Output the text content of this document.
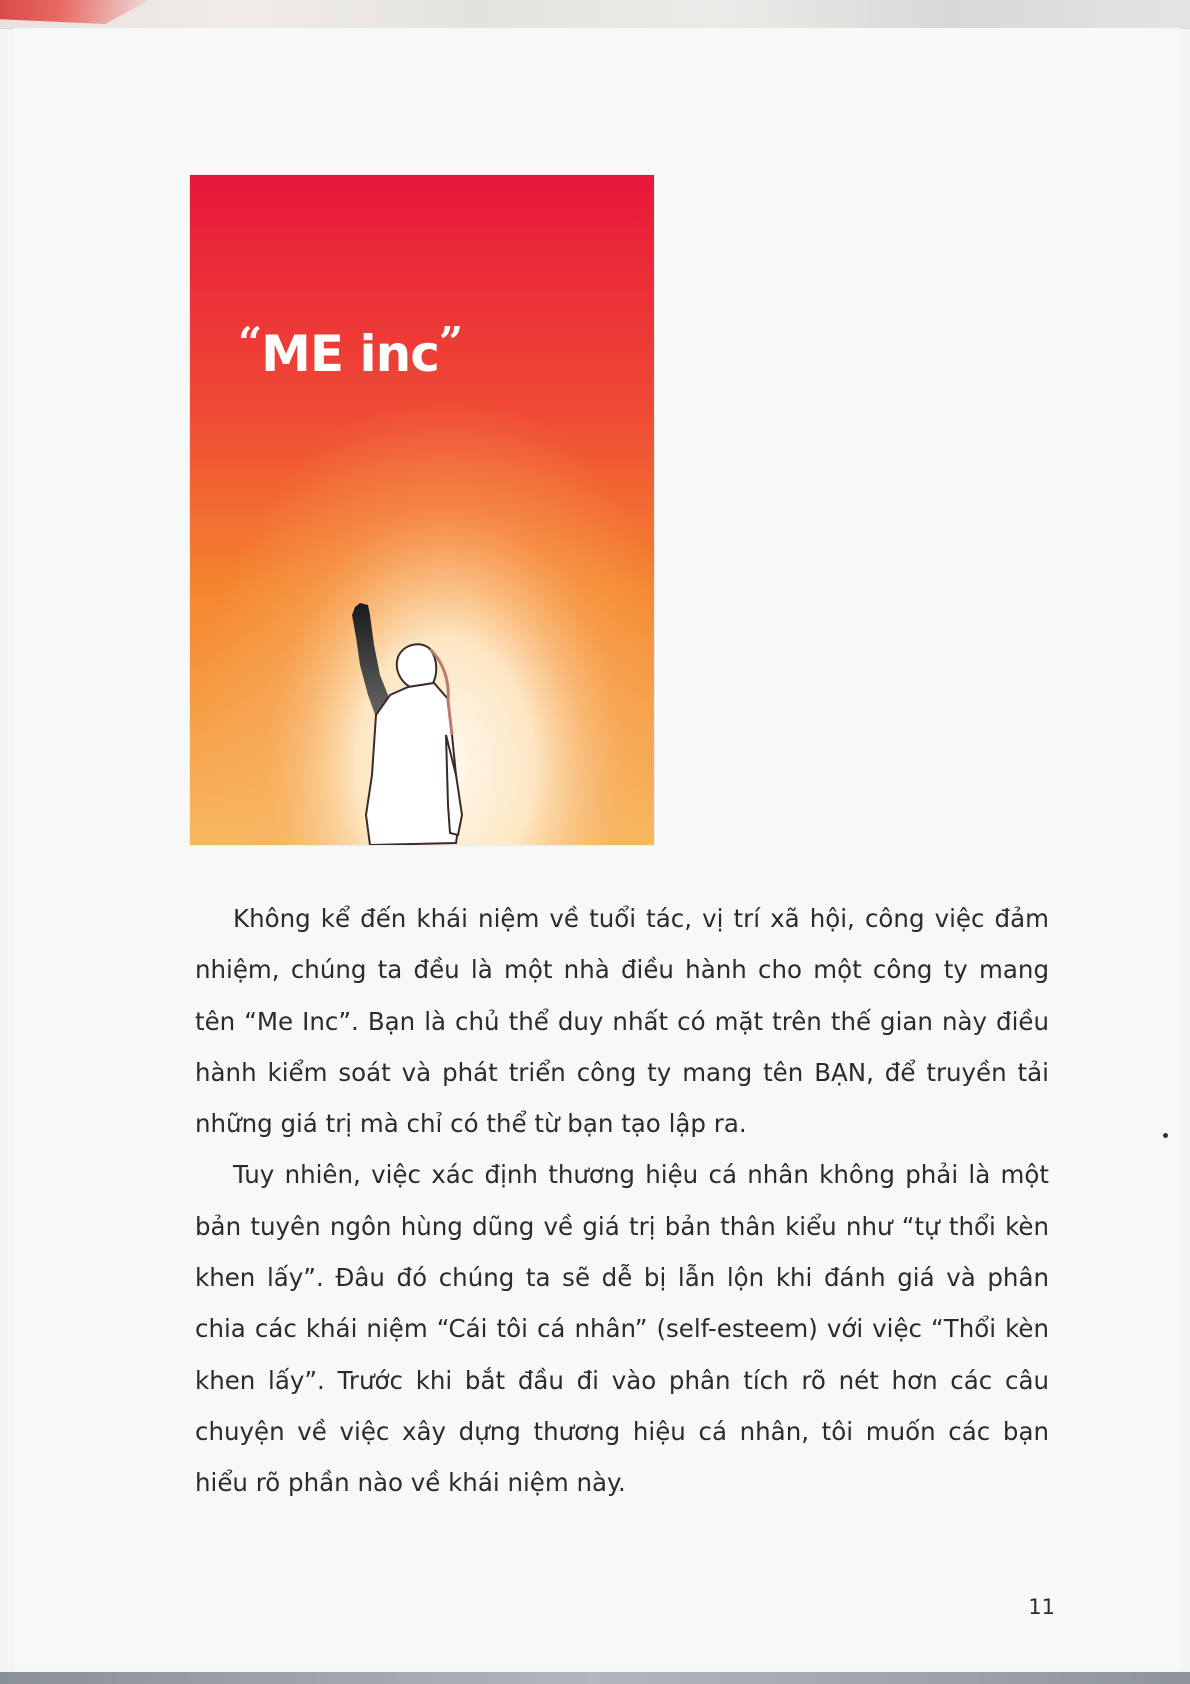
“ME inc”

Không kể đến khái niệm về tuổi tác, vị trí xã hội, công việc đảm nhiệm, chúng ta đều là một nhà điều hành cho một công ty mang tên “Me Inc”. Bạn là chủ thể duy nhất có mặt trên thế gian này điều hành kiểm soát và phát triển công ty mang tên BẠN, để truyền tải những giá trị mà chỉ có thể từ bạn tạo lập ra.

Tuy nhiên, việc xác định thương hiệu cá nhân không phải là một bản tuyên ngôn hùng dũng về giá trị bản thân kiểu như “tự thổi kèn khen lấy”. Đâu đó chúng ta sẽ dễ bị lẫn lộn khi đánh giá và phân chia các khái niệm “Cái tôi cá nhân” (self-esteem) với việc “Thổi kèn khen lấy”. Trước khi bắt đầu đi vào phân tích rõ nét hơn các câu chuyện về việc xây dựng thương hiệu cá nhân, tôi muốn các bạn hiểu rõ phần nào về khái niệm này.

11
